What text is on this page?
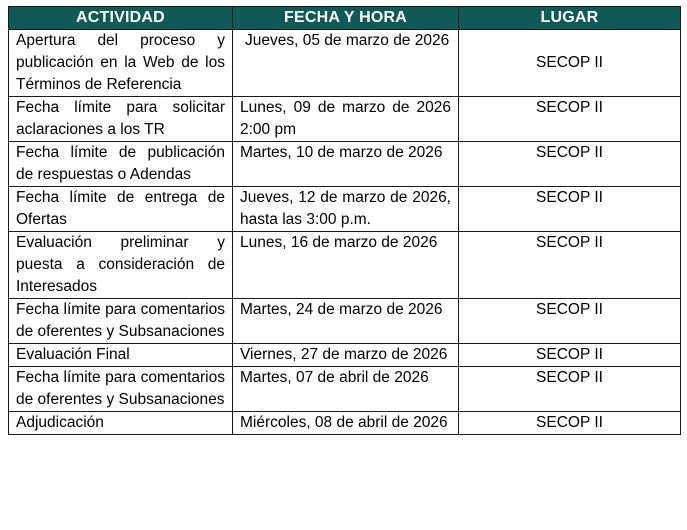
ACTIVIDAD	FECHA Y HORA	LUGAR
Apertura del proceso y publicación en la Web de los Términos de Referencia	Jueves, 05 de marzo de 2026	SECOP II
Fecha límite para solicitar aclaraciones a los TR	Lunes, 09 de marzo de 2026 2:00 pm	SECOP II
Fecha límite de publicación de respuestas o Adendas	Martes, 10 de marzo de 2026	SECOP II
Fecha límite de entrega de Ofertas	Jueves, 12 de marzo de 2026, hasta las 3:00 p.m.	SECOP II
Evaluación preliminar y puesta a consideración de Interesados	Lunes, 16 de marzo de 2026	SECOP II
Fecha límite para comentarios de oferentes y Subsanaciones	Martes, 24 de marzo de 2026	SECOP II
Evaluación Final	Viernes, 27 de marzo de 2026	SECOP II
Fecha límite para comentarios de oferentes y Subsanaciones	Martes, 07 de abril de 2026	SECOP II
Adjudicación	Miércoles, 08 de abril de 2026	SECOP II
